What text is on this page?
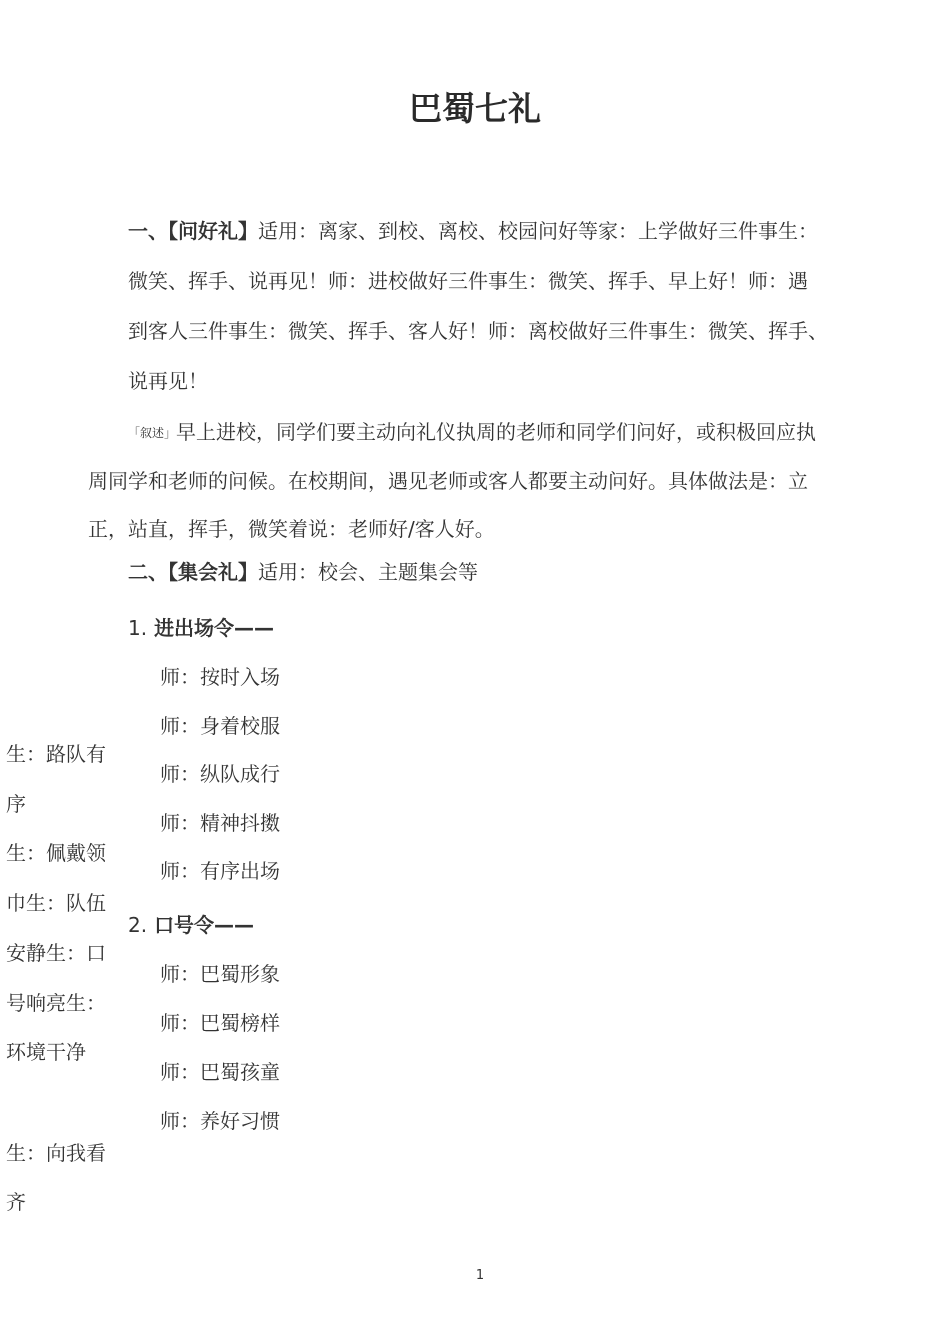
巴蜀七礼
一、【问好礼】适用：离家、到校、离校、校园问好等家：上学做好三件事生：
微笑、挥手、说再见！师：进校做好三件事生：微笑、挥手、早上好！师：遇
到客人三件事生：微笑、挥手、客人好！师：离校做好三件事生：微笑、挥手、
说再见！
「叙述」早上进校，同学们要主动向礼仪执周的老师和同学们问好，或积极回应执
周同学和老师的问候。在校期间，遇见老师或客人都要主动问好。具体做法是：立
正，站直，挥手，微笑着说：老师好/客人好。
二、【集会礼】适用：校会、主题集会等
1. 进出场令——
师：按时入场
师：身着校服
师：纵队成行
师：精神抖擞
师：有序出场
2. 口号令——
师：巴蜀形象
师：巴蜀榜样
师：巴蜀孩童
师：养好习惯
生：路队有
序
生：佩戴领
巾生：队伍
安静生：口
号响亮生：
环境干净
生：向我看
齐
1
